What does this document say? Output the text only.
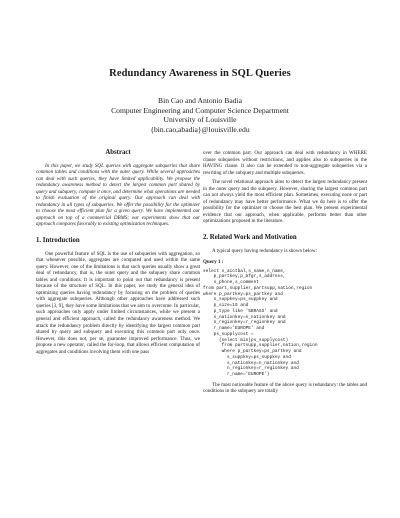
Redundancy Awareness in SQL Queries
Bin Cao and Antonio Badia
Computer Engineering and Computer Science Department
University of Louisville
{bin.cao,abadia}@louisville.edu
Abstract

In this paper, we study SQL queries with aggregate subqueries that share common tables and conditions with the outer query. While several approaches can deal with such queries, they have limited applicability. We propose the redundancy awareness method to detect the largest common part shared by query and subquery, compute it once, and determine what operations are needed to finish evaluation of the original query. Our approach can deal with redundancy in all types of subqueries. We offer the possibility for the optimizer to choose the most efficient plan for a given query. We have implemented our approach on top of a commercial DBMS; our experiments show that our approach compares favorably to existing optimization techniques.

1. Introduction

One powerful feature of SQL is the use of subqueries with aggregation, so that whenever possible, aggregates are computed and used within the same query. However, one of the limitations is that such queries usually show a great deal of redundancy, that is, the outer query and the subquery share common tables and conditions. It is important to point out that redundancy is present because of the structure of SQL. In this paper, we study the general idea of optimizing queries having redundancy by focusing on the problem of queries with aggregate subqueries. Although other approaches have addressed such queries [3, 9], they have some limitations that we aim to overcome. In particular, such approaches only apply under limited circumstances, while we present a general and efficient approach, called the redundancy awareness method. We attack the redundancy problem directly by identifying the largest common part shared by query and subquery and executing this common part only once. However, this does not, per se, guarantee improved performance. Thus, we propose a new operator, called the for-loop, that allows efficient computation of aggregates and conditions involving them with one pass

over the common part. Our approach can deal with redundancy in WHERE clause subqueries without restrictions, and applies also to subqueries in the HAVING clause. It also can be extended to non-aggregate subqueries via a rewriting of the subquery and multiple subqueries.

The novel relational approach aims to detect the largest redundancy present in the outer query and the subquery. However, sharing the largest common part can not always yield the most efficient plan. Sometimes, executing none or part of redundancy may have better performance. What we do here is to offer the possibility for the optimizer to choose the best plan. We present experimental evidence that our approach, when applicable, performs better than other optimizations proposed in the literature.

2. Related Work and Motivation

A typical query having redundancy is shown below:

Query 1 :
select s_acctbal,s_name,n_name,
p_partkey,p_mfgr,s_address,
s_phone,s_comment
from part,supplier,partsupp,nation,region
where p_partkey=ps_partkey and
s_suppkey=ps_suppkey and
p_size=15 and
p_type like '%BRASS' and
s_nationkey=n_nationkey and
n_regionkey=r_regionkey and
r_name='EUROPE' and
ps_supplycost =
(select min(ps_supplycost)
from partsupp,supplier,nation,region
where p_partkey=ps_partkey and
s_suppkey=ps_suppkey and
s_nationkey=n_nationkey and
n_regionkey=r_regionkey and
r_name='EUROPE')

The most noticeable feature of the above query is redundancy: the tables and conditions in the subquery are totally
